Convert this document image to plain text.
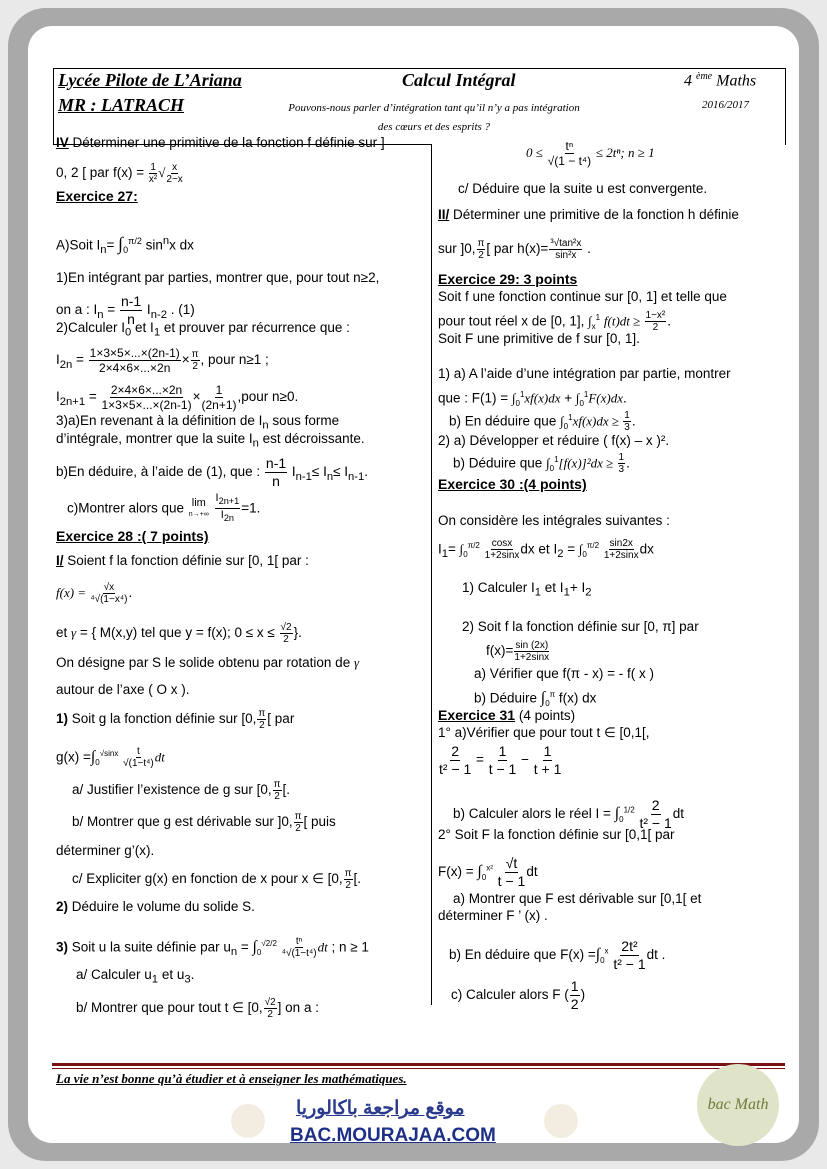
Lycée Pilote de L’Ariana
MR : LATRACH
Calcul Intégral	4 $^{ème}$ Maths
Pouvons-nous parler d’intégration tant qu’il n’y a pas intégration
des cœurs et des esprits ?
2016/2017
IV Déterminer une primitive de la fonction f définie sur ]
0, 2 [ par $f(x) = \frac{1}{\text{x²}}$ √ $\frac{x}{2-x}$
Exercice 27:
A)Soit $I_n= \int_0^{\pi/2}$ $\sin^nx$ dx
1)En intégrant par parties, montrer que, pour tout n≥2,
on a : $I_n = \frac{n-1}{n} I_{n-2}$ . (1)
2)Calculer $I_0$ et $I_1$ et prouver par récurrence que :
$I_{2n} = \frac{1\times 3\times 5\times...\times(2n-1)}{2\times 4\times 6\times...\times 2n} \times \frac{\pi}{2}$ , pour n≥1 ;
$I_{2n+1} = \frac{2\times 4\times 6\times...\times 2n}{1\times 3\times 5\times...\times(2n-1)} \times \frac{1}{(2n+1)}$ ,pour n≥0.
3)a)En revenant à la définition de $I_n$ sous forme
d’intégrale, montrer que la suite $I_n$ est décroissante.
b)En déduire, à l’aide de (1), que : $\frac{n-1}{n} I_{n-1}\le I_n\le I_{n-1}$.
c)Montrer alors que lim
n→+∞
$\frac{I_{2n+1}}{I_{2n}} =1$.
Exercice 28 :( 7 points)
I/ Soient f la fonction définie sur [0, 1[ par :
$f(x) = \frac{√x}{\text{⁴√(1−x⁴)}}$ .
et γ = { M(x,y) tel que y = f(x); $0 \le x \le \frac{√2}{2}$ }.
On désigne par S le solide obtenu par rotation de γ
autour de l’axe ( O x ).
1) Soit g la fonction définie sur [0, $\frac{\pi}{2}$ [ par
$g(x) =\int_0^{√sinx} \frac{t}{\text{√(1−t⁴)}}$ dt
a/ Justifier l’existence de g sur [0, $\frac{\pi}{2}$ [.
b/ Montrer que g est dérivable sur ]0, $\frac{\pi}{2}$ [ puis
déterminer g’(x).
c/ Expliciter g(x) en fonction de x pour x ∈ [0, $\frac{\pi}{2}$ [.
2) Déduire le volume du solide S.
3) Soit u la suite définie par $u_n = \int_0^{√2/2} \frac{\text{tⁿ}}{\text{⁴√(1−t⁴)}}$ dt ; n ≥ 1
a/ Calculer $u_1$ et $u_3$.
b/ Montrer que pour tout t ∈ [0, $\frac{√2}{2}$ ] on a :
$0 \le \frac{\text{tⁿ}}{\text{√(1 − t⁴)}} \le 2t^n$; n ≥ 1
c/ Déduire que la suite u est convergente.
II/ Déterminer une primitive de la fonction h définie
sur ]0, $\frac{\pi}{2}$ [ par $h(x)= \frac{\text{³√tan²x}}{\text{sin²x}}$ .
Exercice 29: 3 points
Soit f une fonction continue sur [0, 1] et telle que
pour tout réel x de [0, 1], $\int_x^1$ $f(t)dt \ge \frac{\text{1−x²}}{2}$ .
Soit F une primitive de f sur [0, 1].
1) a) A l’aide d’une intégration par partie, montrer
que : $F(1) = \int_0^1xf(x)dx + \int_0^1F(x)dx$.
b) En déduire que $\int_0^1xf(x)dx \ge \frac{1}{3}$ .
2) a) Développer et réduire ( f(x) – x )².
b) Déduire que $\int_0^1[f(x)]^2dx \ge \frac{1}{3}$ .
Exercice 30 :(4 points)
On considère les intégrales suivantes :
$I_1= \int_0^{\pi/2} \frac{\cos x}{1+2\sin x}$ dx et $I_2 = \int_0^{\pi/2} \frac{\sin 2x}{1+2\sin x}$ dx
1) Calculer $I_1$ et $I_1+ I_2$
2) Soit f la fonction définie sur [0, π] par
$f(x)= \frac{\sin (2x)}{1+2\sin x}$
a) Vérifier que f(π - x) = - f( x )
b) Déduire $\int_0^\pi$ f(x) dx
Exercice 31 (4 points)
1° a)Vérifier que pour tout t ∈ [0,1[,
$\frac{2}{\text{t² − 1}} = \frac{1}{t - 1} - \frac{1}{t + 1}$
b) Calculer alors le réel $I = \int_0^{1/2} \frac{2}{\text{t² − 1}}$ dt
2° Soit F la fonction définie sur [0,1[ par
$F(x) = \int_0^{x^2} \frac{√t}{t - 1}$ dt
a) Montrer que F est dérivable sur [0,1[ et
déterminer F ’ (x) .
b) En déduire que $F(x) =\int_0^x \frac{\text{2t²}}{\text{t² − 1}}$ dt .
c) Calculer alors F ( $\frac{1}{2}$ )
La vie n’est bonne qu’à étudier et à enseigner les mathématiques.
موقع مراجعة باكالوريا
BAC.MOURAJAA.COM
bac Math
